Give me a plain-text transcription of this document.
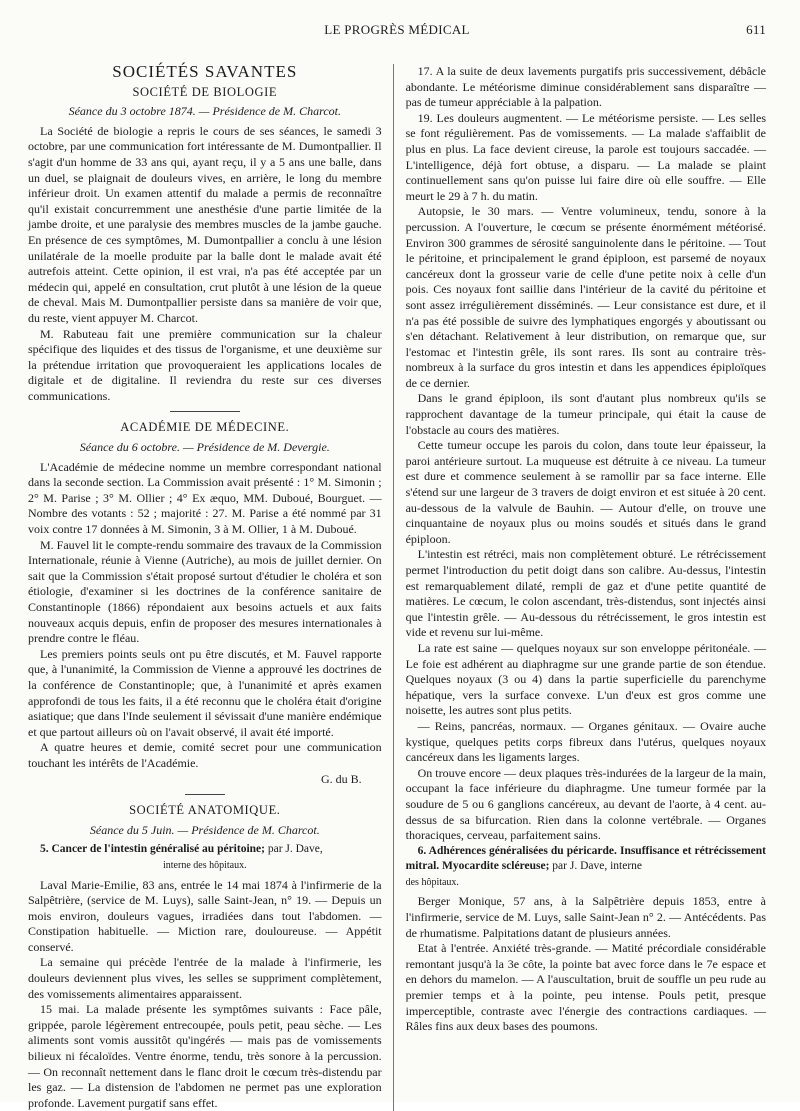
LE PROGRÈS MÉDICAL	611
SOCIÉTÉS SAVANTES
SOCIÉTÉ DE BIOLOGIE
Séance du 3 octobre 1874. — Présidence de M. Charcot.

La Société de biologie a repris le cours de ses séances, le samedi 3 octobre, par une communication fort intéressante de M. Dumontpallier. Il s'agit d'un homme de 33 ans qui, ayant reçu, il y a 5 ans une balle, dans un duel, se plaignait de douleurs vives, en arrière, le long du membre inférieur droit. Un examen attentif du malade a permis de reconnaître qu'il existait concurremment une anesthésie d'une partie limitée de la jambe droite, et une paralysie des membres muscles de la jambe gauche. En présence de ces symptômes, M. Dumontpallier a conclu à une lésion unilatérale de la moelle produite par la balle dont le malade avait été autrefois atteint. Cette opinion, il est vrai, n'a pas été acceptée par un médecin qui, appelé en consultation, crut plutôt à une lésion de la queue de cheval. Mais M. Dumontpallier persiste dans sa manière de voir que, du reste, vient appuyer M. Charcot.

M. Rabuteau fait une première communication sur la chaleur spécifique des liquides et des tissus de l'organisme, et une deuxième sur la prétendue irritation que provoqueraient les applications locales de digitale et de digitaline. Il reviendra du reste sur ces diverses communications.

ACADÉMIE DE MÉDECINE.
Séance du 6 octobre. — Présidence de M. Devergie.

L'Académie de médecine nomme un membre correspondant national dans la seconde section. La Commission avait présenté : 1° M. Simonin ; 2° M. Parise ; 3° M. Ollier ; 4° Ex æquo, MM. Duboué, Bourguet. — Nombre des votants : 52 ; majorité : 27. M. Parise a été nommé par 31 voix contre 17 données à M. Simonin, 3 à M. Ollier, 1 à M. Duboué.

M. Fauvel lit le compte-rendu sommaire des travaux de la Commission Internationale, réunie à Vienne (Autriche), au mois de juillet dernier. On sait que la Commission s'était proposé surtout d'étudier le choléra et son étiologie, d'examiner si les doctrines de la conférence sanitaire de Constantinople (1866) répondaient aux besoins actuels et aux faits nouveaux acquis depuis, enfin de proposer des mesures internationales à prendre contre le fléau.

Les premiers points seuls ont pu être discutés, et M. Fauvel rapporte que, à l'unanimité, la Commission de Vienne a approuvé les doctrines de la conférence de Constantinople; que, à l'unanimité et après examen approfondi de tous les faits, il a été reconnu que le choléra était d'origine asiatique; que dans l'Inde seulement il sévissait d'une manière endémique et que partout ailleurs où on l'avait observé, il avait été importé.

A quatre heures et demie, comité secret pour une communication touchant les intérêts de l'Académie.

G. du B.
SOCIÉTÉ ANATOMIQUE.
Séance du 5 Juin. — Présidence de M. Charcot.

5. Cancer de l'intestin généralisé au péritoine; par J. Dave,

interne des hôpitaux.

Laval Marie-Emilie, 83 ans, entrée le 14 mai 1874 à l'infirmerie de la Salpêtrière, (service de M. Luys), salle Saint-Jean, n° 19. — Depuis un mois environ, douleurs vagues, irradiées dans tout l'abdomen. — Constipation habituelle. — Miction rare, douloureuse. — Appétit conservé.

La semaine qui précède l'entrée de la malade à l'infirmerie, les douleurs deviennent plus vives, les selles se suppriment complètement, des vomissements alimentaires apparaissent.

15 mai. La malade présente les symptômes suivants : Face pâle, grippée, parole légèrement entrecoupée, pouls petit, peau sèche. — Les aliments sont vomis aussitôt qu'ingérés — mais pas de vomissements bilieux ni fécaloïdes. Ventre énorme, tendu, très sonore à la percussion. — On reconnaît nettement dans le flanc droit le cœcum très-distendu par les gaz. — La distension de l'abdomen ne permet pas une exploration profonde. Lavement purgatif sans effet.

17. A la suite de deux lavements purgatifs pris successivement, débâcle abondante. Le météorisme diminue considérablement sans disparaître — pas de tumeur appréciable à la palpation.

19. Les douleurs augmentent. — Le météorisme persiste. — Les selles se font régulièrement. Pas de vomissements. — La malade s'affaiblit de plus en plus. La face devient cireuse, la parole est toujours saccadée. — L'intelligence, déjà fort obtuse, a disparu. — La malade se plaint continuellement sans qu'on puisse lui faire dire où elle souffre. — Elle meurt le 29 à 7 h. du matin.

Autopsie, le 30 mars. — Ventre volumineux, tendu, sonore à la percussion. A l'ouverture, le cœcum se présente énormément météorisé. Environ 300 grammes de sérosité sanguinolente dans le péritoine. — Tout le péritoine, et principalement le grand épiploon, est parsemé de noyaux cancéreux dont la grosseur varie de celle d'une petite noix à celle d'un pois. Ces noyaux font saillie dans l'intérieur de la cavité du péritoine et sont assez irrégulièrement disséminés. — Leur consistance est dure, et il n'a pas été possible de suivre des lymphatiques engorgés y aboutissant ou s'en détachant. Relativement à leur distribution, on remarque que, sur l'estomac et l'intestin grêle, ils sont rares. Ils sont au contraire très-nombreux à la surface du gros intestin et dans les appendices épiploïques de ce dernier.

Dans le grand épiploon, ils sont d'autant plus nombreux qu'ils se rapprochent davantage de la tumeur principale, qui était la cause de l'obstacle au cours des matières.

Cette tumeur occupe les parois du colon, dans toute leur épaisseur, la paroi antérieure surtout. La muqueuse est détruite à ce niveau. La tumeur est dure et commence seulement à se ramollir par sa face interne. Elle s'étend sur une largeur de 3 travers de doigt environ et est située à 20 cent. au-dessous de la valvule de Bauhin. — Autour d'elle, on trouve une cinquantaine de noyaux plus ou moins soudés et situés dans le grand épiploon.

L'intestin est rétréci, mais non complètement obturé. Le rétrécissement permet l'introduction du petit doigt dans son calibre. Au-dessus, l'intestin est remarquablement dilaté, rempli de gaz et d'une petite quantité de matières. Le cœcum, le colon ascendant, très-distendus, sont injectés ainsi que l'intestin grêle. — Au-dessous du rétrécissement, le gros intestin est vide et revenu sur lui-même.

La rate est saine — quelques noyaux sur son enveloppe péritonéale. — Le foie est adhérent au diaphragme sur une grande partie de son étendue. Quelques noyaux (3 ou 4) dans la partie superficielle du parenchyme hépatique, vers la surface convexe. L'un d'eux est gros comme une noisette, les autres sont plus petits.

— Reins, pancréas, normaux. — Organes génitaux. — Ovaire auche kystique, quelques petits corps fibreux dans l'utérus, quelques noyaux cancéreux dans les ligaments larges.

On trouve encore — deux plaques très-indurées de la largeur de la main, occupant la face inférieure du diaphragme. Une tumeur formée par la soudure de 5 ou 6 ganglions cancéreux, au devant de l'aorte, à 4 cent. au-dessus de sa bifurcation. Rien dans la colonne vertébrale. — Organes thoraciques, cerveau, parfaitement sains.

6. Adhérences généralisées du péricarde. Insuffisance et rétrécissement mitral. Myocardite scléreuse; par J. Dave, interne

des hôpitaux.

Berger Monique, 57 ans, à la Salpêtrière depuis 1853, entre à l'infirmerie, service de M. Luys, salle Saint-Jean n° 2. — Antécédents. Pas de rhumatisme. Palpitations datant de plusieurs années.

Etat à l'entrée. Anxiété très-grande. — Matité précordiale considérable remontant jusqu'à la 3e côte, la pointe bat avec force dans le 7e espace et en dehors du mamelon. — A l'auscultation, bruit de souffle un peu rude au premier temps et à la pointe, peu intense. Pouls petit, presque imperceptible, contraste avec l'énergie des contractions cardiaques. — Râles fins aux deux bases des poumons.
